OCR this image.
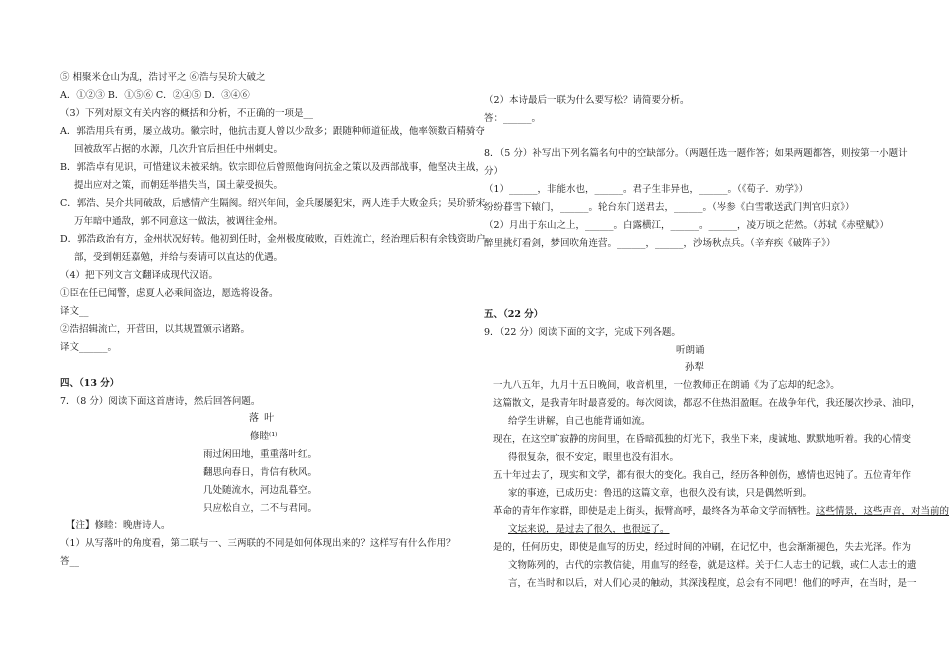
⑤ 相聚米仓山为乱，浩讨平之 ⑥浩与吴玠大破之
A．①②③ B．①⑤⑥ C．②④⑤ D．③④⑥
（3）下列对原文有关内容的概括和分析，不正确的一项是__
A．郭浩用兵有勇，屡立战功。徽宗时，他抗击夏人曾以少敌多；跟随种师道征战，他率领数百精骑夺
回被敌军占据的水源，几次升官后担任中州刺史。
B．郭浩卓有见识，可惜建议未被采纳。钦宗即位后曾照他询问抗金之策以及西部战事，他坚决主战，
提出应对之策，而朝廷举措失当，国土蒙受损失。
C．郭浩、吴介共同破敌，后感情产生隔阂。绍兴年间，金兵屡屡犯宋，两人连手大败金兵；吴玠骄宋
万年暗中通敌，郭不同意这一做法，被调往金州。
D．郭浩政治有方，金州状况好转。他初到任时，金州极度破败，百姓流亡，经治理后积有余钱资助户
部，受到朝廷嘉勉，并给与奏请可以直达的优遇。
（4）把下列文言文翻译成现代汉语。
①臣在任已闻警，虑夏人必乘间盗边，愿选将设备。
译文__
②浩招辑流亡，开营田，以其规置颁示诸路。
译文______。
四、（13 分）
7．（8 分）阅读下面这首唐诗，然后回答问题。
落 叶
修睦⁽¹⁾
雨过闲田地，重重落叶红。
翻思向春日，肯信有秋风。
几处随流水，河边乱暮空。
只应松自立，二不与君同。
【注】修睦：晚唐诗人。
（1）从写落叶的角度看，第二联与一、三两联的不同是如何体现出来的？这样写有什么作用？
答__
（2）本诗最后一联为什么要写松？请简要分析。
答：______。
8．（5 分）补写出下列名篇名句中的空缺部分。（两题任选一题作答；如果两题都答，则按第一小题计
分）
（1）______，非能水也，______。君子生非异也，______。（《荀子．劝学》）
纷纷暮雪下辕门，______。轮台东门送君去，______。（岑参《白雪歌送武门判官归京》）
（2）月出于东山之上，______。白露横江，______。______，凌万顷之茫然。（苏轼《赤壁赋》）
醉里挑灯看剑，梦回吹角连营。______，______，沙场秋点兵。（辛弃疾《破阵子》）
五、（22 分）
9．（22 分）阅读下面的文字，完成下列各题。
听朗诵
孙犁
一九八五年，九月十五日晚间，收音机里，一位教师正在朗诵《为了忘却的纪念》。
这篇散文，是我青年时最喜爱的。每次阅读，都忍不住热泪盈眶。在战争年代，我还屡次抄录、油印，
给学生讲解，自己也能背诵如流。
现在，在这空旷寂静的房间里，在昏暗孤独的灯光下，我坐下来，虔诚地、默默地听着。我的心情变
得很复杂，很不安定，眼里也没有泪水。
五十年过去了，现实和文学，都有很大的变化。我自己，经历各种创伤，感情也迟钝了。五位青年作
家的事迹，已成历史：鲁迅的这篇文章，也很久没有读，只是偶然听到。
革命的青年作家群，即使是走上街头，振臂高呼，最终各为革命文学而牺牲。这些情景，这些声音，对当前的
文坛来说，是过去了很久，也很远了。
是的，任何历史，即使是血写的历史，经过时间的冲刷，在记忆中，也会渐渐褪色，失去光泽。作为
文物陈列的，古代的宗教信徒，用血写的经卷，就是这样。关于仁人志士的记载，或仁人志士的遗
言，在当时和以后，对人们心灵的触动，其深浅程度，总会有不同吧！他们的呼声，在当时，是一
